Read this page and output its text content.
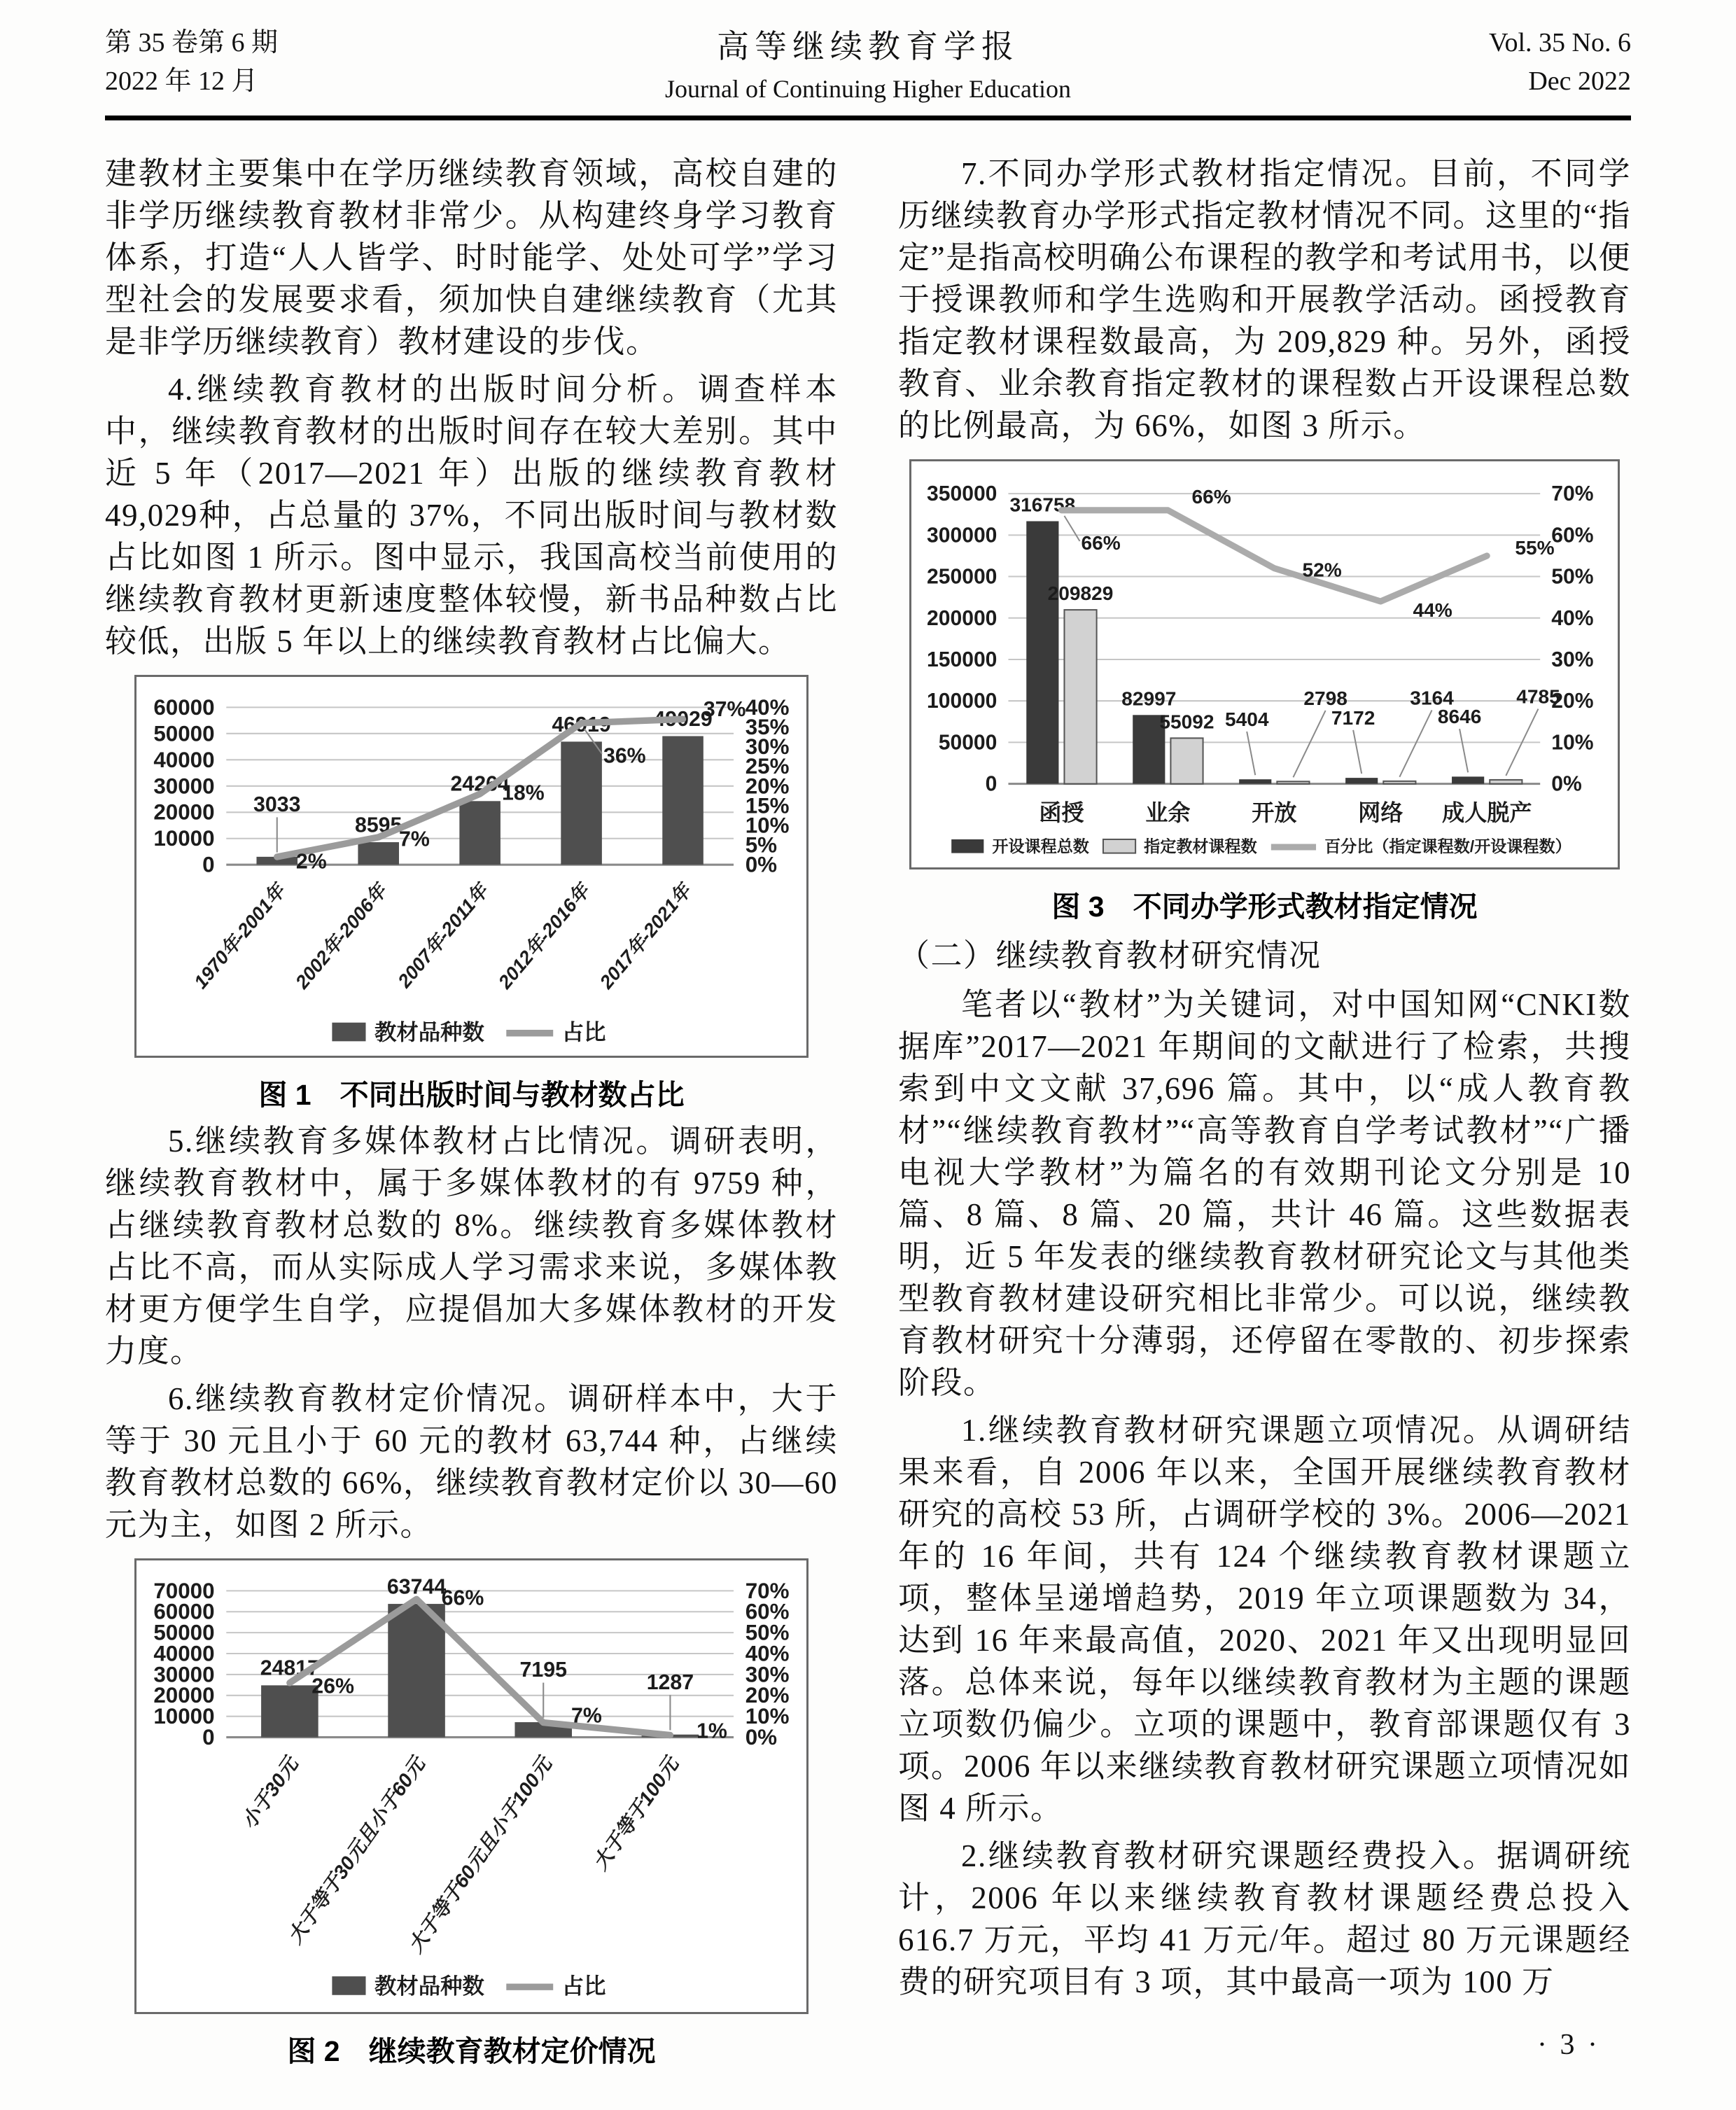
第 35 卷第 6 期
2022 年 12 月
高等继续教育学报
Journal of Continuing Higher Education
Vol. 35 No. 6
Dec 2022

建教材主要集中在学历继续教育领域，高校自建的非学历继续教育教材非常少。从构建终身学习教育体系，打造“人人皆学、时时能学、处处可学”学习型社会的发展要求看，须加快自建继续教育（尤其是非学历继续教育）教材建设的步伐。

4.继续教育教材的出版时间分析。调查样本中，继续教育教材的出版时间存在较大差别。其中近 5 年（2017—2021 年）出版的继续教育教材49,029种，占总量的 37%，不同出版时间与教材数占比如图 1 所示。图中显示，我国高校当前使用的继续教育教材更新速度整体较慢，新书品种数占比较低，出版 5 年以上的继续教育教材占比偏大。

0
10000
20000
30000
40000
50000
60000
0%
5%
10%
15%
20%
25%
30%
35%
40%
3033
8595
24264
46919 49029
2%
7%
18%
36%
37%
1970年-2001年 2002年-2006年 2007年-2011年 2012年-2016年 2017年-2021年
教材品种数	占比
图 1　不同出版时间与教材数占比

5.继续教育多媒体教材占比情况。调研表明，继续教育教材中，属于多媒体教材的有 9759 种，占继续教育教材总数的 8%。继续教育多媒体教材占比不高，而从实际成人学习需求来说，多媒体教材更方便学生自学，应提倡加大多媒体教材的开发力度。

6.继续教育教材定价情况。调研样本中，大于等于 30 元且小于 60 元的教材 63,744 种，占继续教育教材总数的 66%，继续教育教材定价以 30—60 元为主，如图 2 所示。

0
10000
20000
30000
40000
50000
60000
70000
0%
10%
20%
30%
40%
50%
60%
70%
24817
63744
7195
1287
26%
66%
7%
1%
小于30元
大于等于30元且小于60元
大于等于60元且小于100元 大于等于100元
教材品种数	占比
图 2　继续教育教材定价情况

7.不同办学形式教材指定情况。目前，不同学历继续教育办学形式指定教材情况不同。这里的“指定”是指高校明确公布课程的教学和考试用书，以便于授课教师和学生选购和开展教学活动。函授教育指定教材课程数最高，为 209,829 种。另外，函授教育、业余教育指定教材的课程数占开设课程总数的比例最高，为 66%，如图 3 所示。

0
50000
100000
150000
200000
250000
300000
350000
0%
10%
20%
30%
40%
50%
60%
70%
316758
82997
5404	7172	8646
209829
55092
2798	3164	4785
66%
66%
52%
44%
55%
函授	业余	开放	网络 成人脱产
开设课程总数	指定教材课程数	百分比（指定课程数/开设课程数）
图 3　不同办学形式教材指定情况

（二）继续教育教材研究情况

笔者以“教材”为关键词，对中国知网“CNKI数据库”2017—2021 年期间的文献进行了检索，共搜索到中文文献 37,696 篇。其中，以“成人教育教材”“继续教育教材”“高等教育自学考试教材”“广播电视大学教材”为篇名的有效期刊论文分别是 10 篇、8 篇、8 篇、20 篇，共计 46 篇。这些数据表明，近 5 年发表的继续教育教材研究论文与其他类型教育教材建设研究相比非常少。可以说，继续教育教材研究十分薄弱，还停留在零散的、初步探索阶段。

1.继续教育教材研究课题立项情况。从调研结果来看，自 2006 年以来，全国开展继续教育教材研究的高校 53 所，占调研学校的 3%。2006—2021 年的 16 年间，共有 124 个继续教育教材课题立项，整体呈递增趋势，2019 年立项课题数为 34，达到 16 年来最高值，2020、2021 年又出现明显回落。总体来说，每年以继续教育教材为主题的课题立项数仍偏少。立项的课题中，教育部课题仅有 3 项。2006 年以来继续教育教材研究课题立项情况如图 4 所示。

2.继续教育教材研究课题经费投入。据调研统计，2006 年以来继续教育教材课题经费总投入 616.7 万元，平均 41 万元/年。超过 80 万元课题经费的研究项目有 3 项，其中最高一项为 100 万

· 3 ·
